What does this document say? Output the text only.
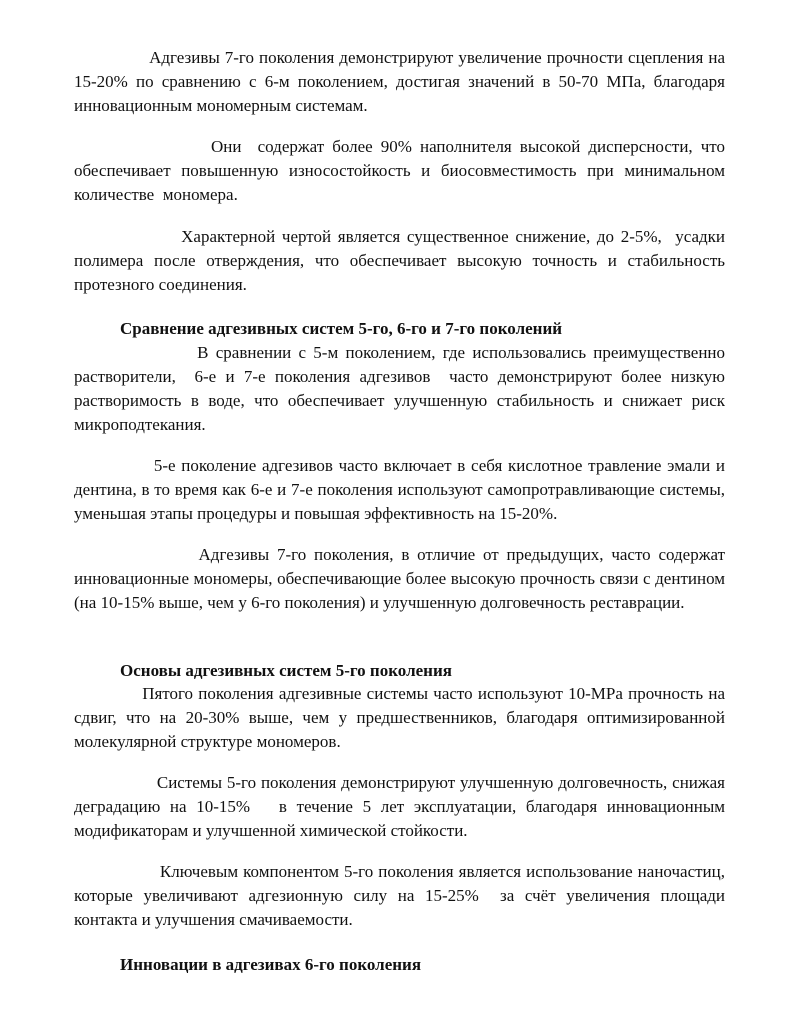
Адгезивы 7-го поколения демонстрируют увеличение прочности сцепления на 15-20% по сравнению с 6-м поколением, достигая значений в 50-70 МПа, благодаря инновационным мономерным системам.

Они  содержат более 90% наполнителя высокой дисперсности, что обеспечивает повышенную износостойкость и биосовместимость при минимальном  количестве  мономера.

Характерной чертой является существенное снижение, до 2-5%,  усадки полимера после отверждения, что обеспечивает высокую точность и стабильность протезного соединения.

Сравнение адгезивных систем 5-го, 6-го и 7-го поколений

В сравнении с 5-м поколением, где использовались преимущественно растворители,  6-е и 7-е поколения адгезивов  часто демонстрируют более низкую растворимость в воде, что обеспечивает улучшенную стабильность и снижает риск микроподтекания.

5-е поколение адгезивов часто включает в себя кислотное травление эмали и дентина, в то время как 6-е и 7-е поколения используют самопротравливающие системы, уменьшая этапы процедуры и повышая эффективность на 15-20%.

Адгезивы 7-го поколения, в отличие от предыдущих, часто содержат инновационные мономеры, обеспечивающие более высокую прочность связи с дентином (на 10-15% выше, чем у 6-го поколения) и улучшенную долговечность реставрации.

Основы адгезивных систем 5-го поколения

Пятого поколения адгезивные системы часто используют 10-MPa прочность на сдвиг, что на 20-30% выше, чем у предшественников, благодаря оптимизированной молекулярной структуре мономеров.

Системы 5-го поколения демонстрируют улучшенную долговечность, снижая деградацию на 10-15%   в течение 5 лет эксплуатации, благодаря инновационным  модификаторам и улучшенной химической стойкости.

Ключевым компонентом 5-го поколения является использование наночастиц, которые увеличивают адгезионную силу на 15-25%  за счёт увеличения площади контакта и улучшения смачиваемости.

Инновации в адгезивах 6-го поколения
